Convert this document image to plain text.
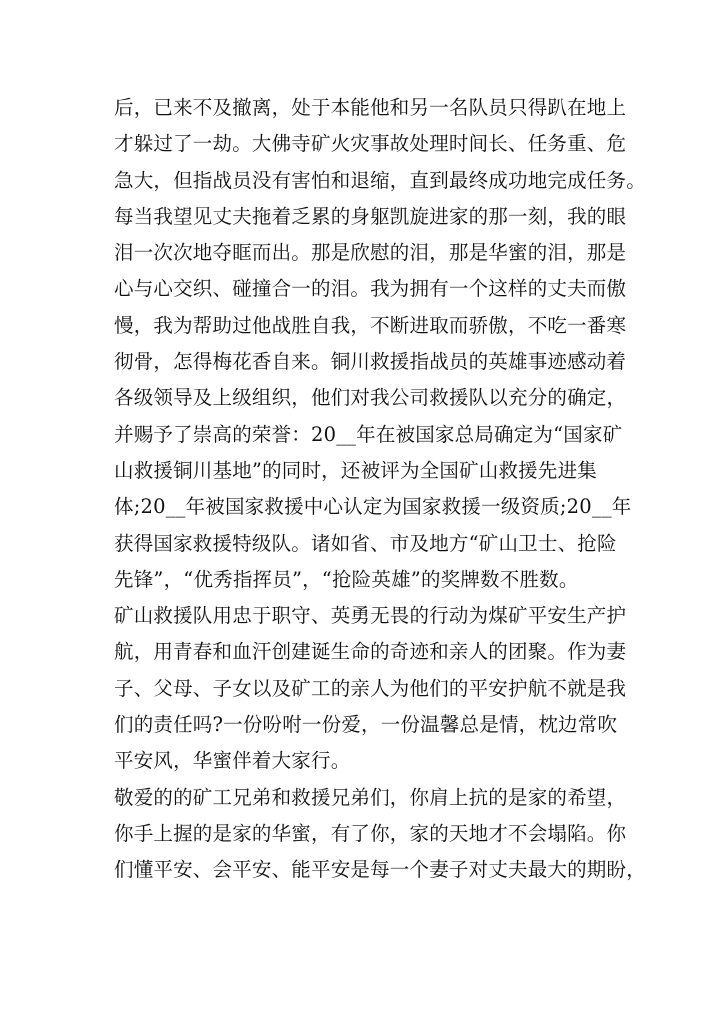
后，已来不及撤离，处于本能他和另一名队员只得趴在地上
才躲过了一劫。大佛寺矿火灾事故处理时间长、任务重、危
急大，但指战员没有害怕和退缩，直到最终成功地完成任务。
每当我望见丈夫拖着乏累的身躯凯旋进家的那一刻，我的眼
泪一次次地夺眶而出。那是欣慰的泪，那是华蜜的泪，那是
心与心交织、碰撞合一的泪。我为拥有一个这样的丈夫而傲
慢，我为帮助过他战胜自我，不断进取而骄傲，不吃一番寒
彻骨，怎得梅花香自来。铜川救援指战员的英雄事迹感动着
各级领导及上级组织，他们对我公司救援队以充分的确定，
并赐予了崇高的荣誉：20__年在被国家总局确定为“国家矿
山救援铜川基地”的同时，还被评为全国矿山救援先进集
体;20__年被国家救援中心认定为国家救援一级资质;20__年
获得国家救援特级队。诸如省、市及地方“矿山卫士、抢险
先锋”，“优秀指挥员”，“抢险英雄”的奖牌数不胜数。
矿山救援队用忠于职守、英勇无畏的行动为煤矿平安生产护
航，用青春和血汗创建诞生命的奇迹和亲人的团聚。作为妻
子、父母、子女以及矿工的亲人为他们的平安护航不就是我
们的责任吗?一份吩咐一份爱，一份温馨总是情，枕边常吹
平安风，华蜜伴着大家行。
敬爱的的矿工兄弟和救援兄弟们，你肩上抗的是家的希望，
你手上握的是家的华蜜，有了你，家的天地才不会塌陷。你
们懂平安、会平安、能平安是每一个妻子对丈夫最大的期盼，
